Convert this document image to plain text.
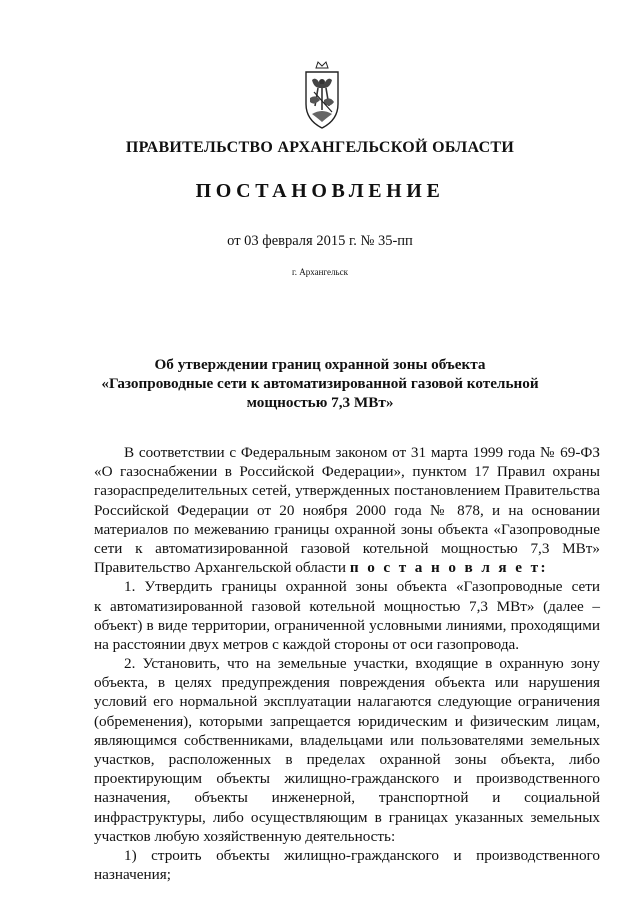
ПРАВИТЕЛЬСТВО АРХАНГЕЛЬСКОЙ ОБЛАСТИ
ПОСТАНОВЛЕНИЕ
от 03 февраля 2015 г. № 35-пп
г. Архангельск
Об утверждении границ охранной зоны объекта
«Газопроводные сети к автоматизированной газовой котельной
мощностью 7,3 МВт»
В соответствии с Федеральным законом от 31 марта 1999 года № 69-ФЗ
«О газоснабжении в Российской Федерации», пунктом 17 Правил охраны
газораспределительных сетей, утвержденных постановлением Правительства
Российской Федерации от 20 ноября 2000 года № 878, и на основании
материалов по межеванию границы охранной зоны объекта «Газопроводные
сети к автоматизированной газовой котельной мощностью 7,3 МВт»
Правительство Архангельской области п о с т а н о в л я е т:
1. Утвердить границы охранной зоны объекта «Газопроводные сети
к автоматизированной газовой котельной мощностью 7,3 МВт» (далее –
объект) в виде территории, ограниченной условными линиями, проходящими
на расстоянии двух метров с каждой стороны от оси газопровода.
2. Установить, что на земельные участки, входящие в охранную зону
объекта, в целях предупреждения повреждения объекта или нарушения
условий его нормальной эксплуатации налагаются следующие ограничения
(обременения), которыми запрещается юридическим и физическим лицам,
являющимся собственниками, владельцами или пользователями земельных
участков, расположенных в пределах охранной зоны объекта, либо
проектирующим объекты жилищно-гражданского и производственного
назначения, объекты инженерной, транспортной и социальной
инфраструктуры, либо осуществляющим в границах указанных земельных
участков любую хозяйственную деятельность:
1) строить объекты жилищно-гражданского и производственного
назначения;
